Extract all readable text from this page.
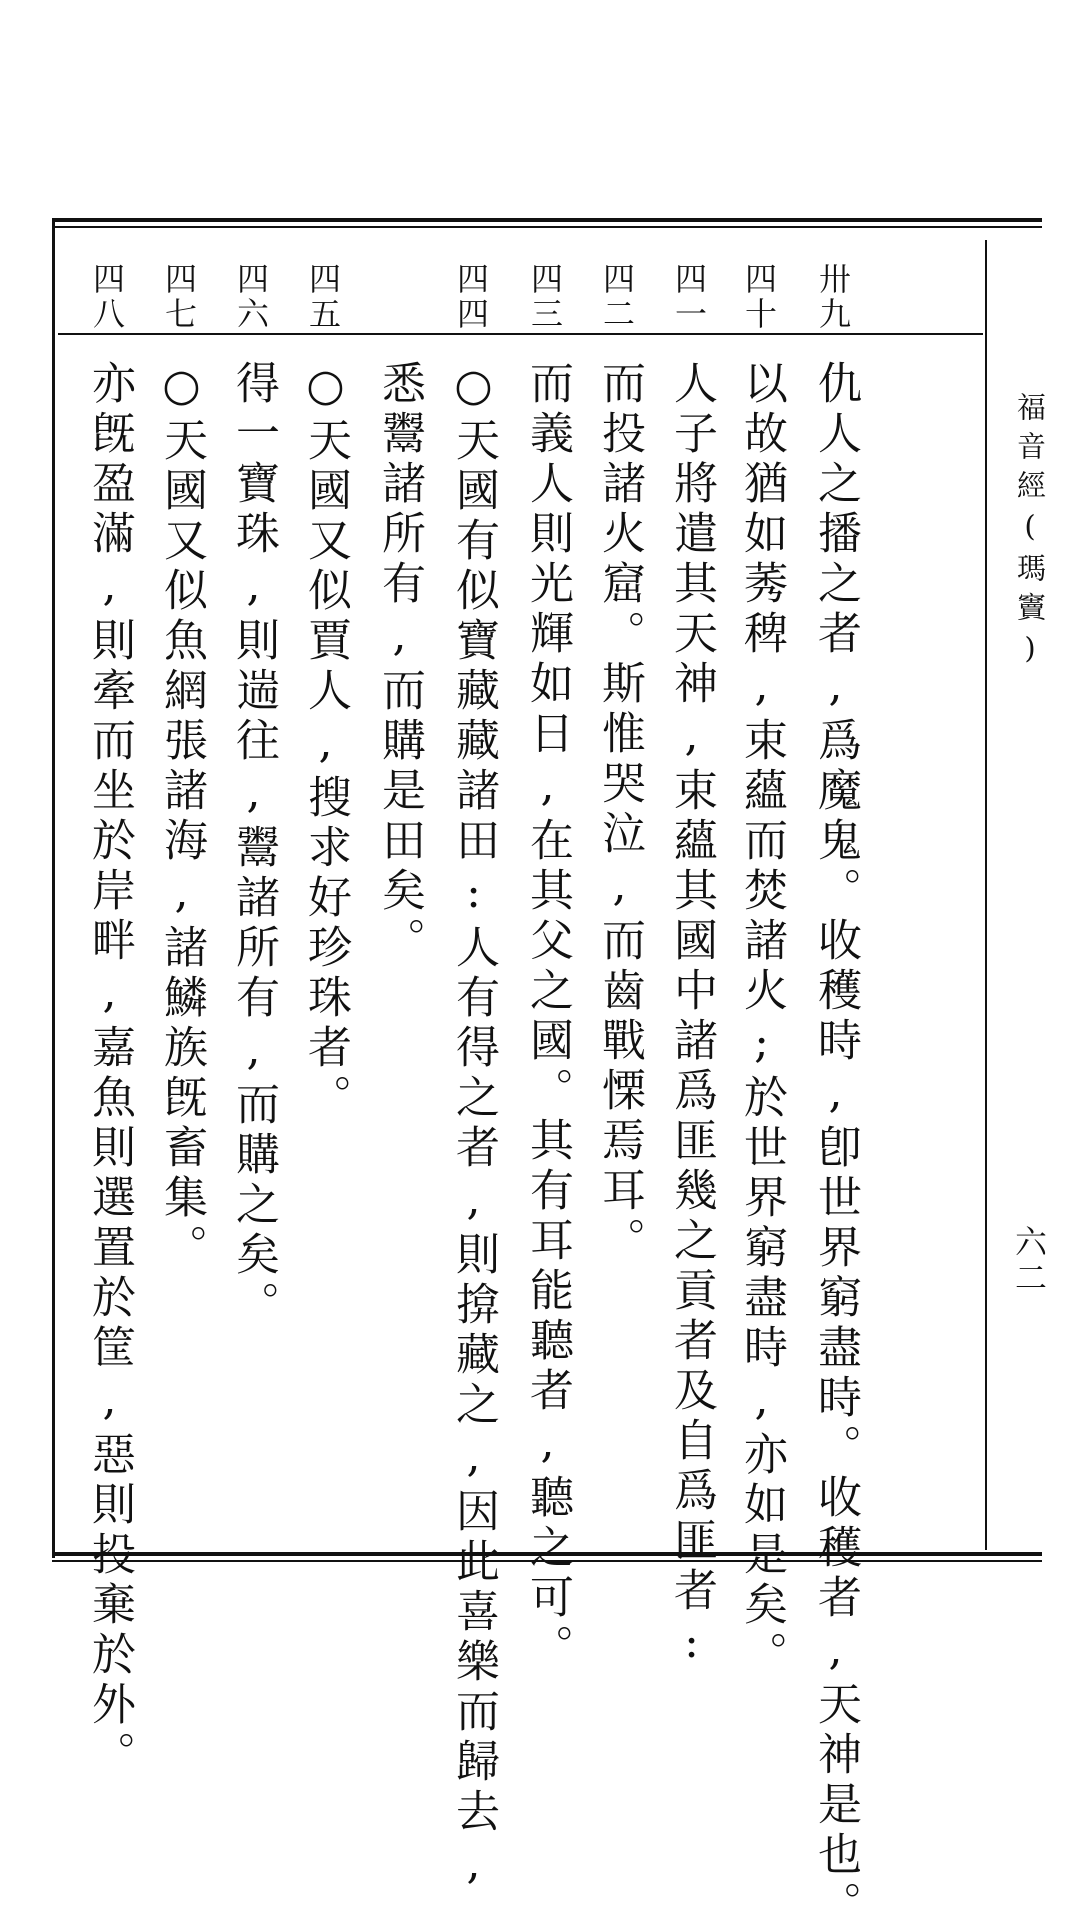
福音經(瑪竇)
六二
卅
九
四
十
四
一
四
二
四
三
四
四
四
五
四
六
四
七
四
八
仇人之播之者,爲魔鬼。收穫時,卽世界窮盡時。收穫者,天神是也。
以故猶如莠稗,束蘊而焚諸火;於世界窮盡時,亦如是矣。
人子將遣其天神,束蘊其國中諸爲匪幾之貢者及自爲匪者:
而投諸火窟。斯惟哭泣,而齒戰慄焉耳。
而義人則光輝如日,在其父之國。其有耳能聽者,聽之可。
○天國有似寶藏藏諸田:人有得之者,則揜藏之,因此喜樂而歸去,
悉鬻諸所有,而購是田矣。
○天國又似賈人,搜求好珍珠者。
得一寶珠,則遄往,鬻諸所有,而購之矣。
○天國又似魚網張諸海,諸鱗族旣畜集。
亦旣盈滿,則牽而坐於岸畔,嘉魚則選置於筐,惡則投棄於外。
